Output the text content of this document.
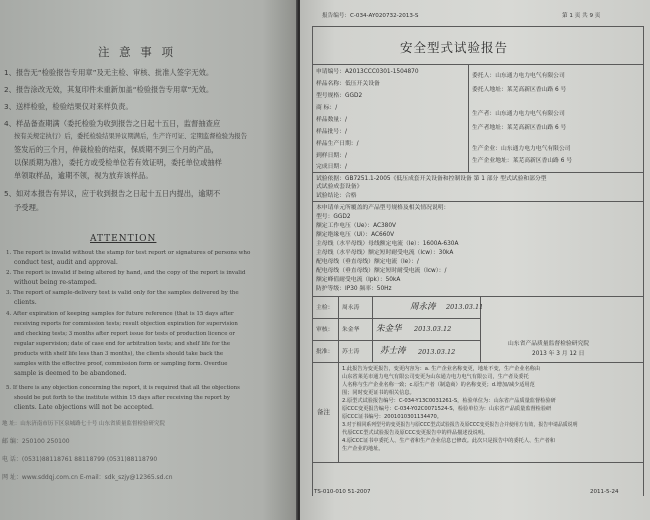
注 意 事 项
1、报告无“检验报告专用章”及无主检、审核、批准人签字无效。
2、报告涂改无效，其复印件未重新加盖“检验报告专用章”无效。
3、送样检验，检验结果仅对来样负责。
4、样品备查期满（委托检验为收到报告之日起十五日，监督抽查应
按有关规定执行）后，委托检验结果异议期满后，生产许可证、定期监督检验为报告
签发后的三个月，仲裁检验的结束，保质期不到三个月的产品，
以保质期为准），委托方或受检单位若有效证明，委托单位或抽样
单领取样品，逾期不领，视为放弃该样品。
5、如对本报告有异议，应于收到报告之日起十五日内提出，逾期不
予受理。
ATTENTION
1. The report is invalid without the stamp for test report or signatures of persons who
conduct test, audit and approval.
2. The report is invalid if being altered by hand, and the copy of the report is invalid
without being re-stamped.
3. The report of sample-delivery test is valid only for the samples delivered by the
clients.
4. After expiration of keeping samples for future reference (that is 15 days after
receiving reports for commission tests; result objection expiration for supervision
and checking tests; 3 months after report issue for tests of production licence or
regular supervision; date of case end for arbitration tests; and shelf life for the
products with shelf life less than 3 months), the clients should take back the
samples with the effective proof, commission form or sampling form. Overdue
sample is deemed to be abandoned.
5. If there is any objection concerning the report, it is required that all the objections
should be put forth to the institute within 15 days after receiving the report by
clients. Late objections will not be accepted.
地 址：山东济南市历下区泉城路七十号 山东省质量监督检验研究院
邮 编：250100 250100
电 话：(0531)88118761 88118799 (0531)88118790
网 址：www.sddqj.com.cn E-mail：sdk_szjy@12365.sd.cn
报告编号：C-034-AY020732-2013-S	第 1 页 共 9 页
安全型式试验报告
申请编号：A2013CCC0301-1504870
样品名称：低压开关设备
型号规格：GGD2
商 标：/
样品数量：/
样品批号：/
样品生产日期：/
到样日期：/
完成日期：/
委托人：山东通力电力电气有限公司
委托人地址：莱芜高新区香山路 6 号
生产者：山东通力电力电气有限公司
生产者地址：莱芜高新区香山路 6 号
生产企业：山东通力电力电气有限公司
生产企业地址：莱芜高新区香山路 6 号
试验依据：GB7251.1-2005《低压成套开关设备和控制设备 第 1 部分 型式试验和部分型
式试验成套设备》
试验结论：合格
本申请单元所覆盖的产品型号规格及相关情况说明：
型号：GGD2
额定工作电压（Ue）：AC380V
额定绝缘电压（Ui）：AC660V
主母线（水平母线）母线额定电流（Ie）：1600A-630A
主母线（水平母线）额定短时耐受电流（Icw）：30kA
配电母线（垂直母线）额定电流（Ie）：/
配电母线（垂直母线）额定短时耐受电流（Icw）：/
额定峰值耐受电流（Ipk）：50kA
防护等级：IP30 频率：50Hz
主检： 周永涛	周永涛 2013.03.11
审核： 朱金华 朱金华 2013.03.12
批准： 苏士涛 苏士涛 2013.03.12
山东省产品质量监督检验研究院
2013 年 3 月 12 日
备注
1.此报告为变更报告，变更内容为：a. 生产企业名称变更，地址不变，生产企业名称由
山东省莱芜市通力电气有限公司变更为山东通力电力电气有限公司，生产者及委托
人名称与生产企业名称一致；c.原生产者（制造商）的名称变更；d.增加/减少适用范
围；同时变更证书的相关信息。
2.原型式试验报告编号：C-034-Y13C0031261-S，检验单位为：山东省产品质量监督检验研
原CCC变更报告编号：C-034-Y02C0071524-S，检验单位为：山东省产品质量监督检验研
原CCC证书编号：2001010301134470。
3.对于相同系列型号的变更报告与原CCC型式试验报告及原CCC变更报告合并使用方有效，报告申请品质说明
代原CCC型式试验报告及原CCC变更报告中的样品描述没说明。
4.原CCC证书中委托人、生产者和生产企业信息已修改。此次只是报告中的委托人、生产者和
生产企业的地址。
TS-010-010 51-2007	2011-5-24
